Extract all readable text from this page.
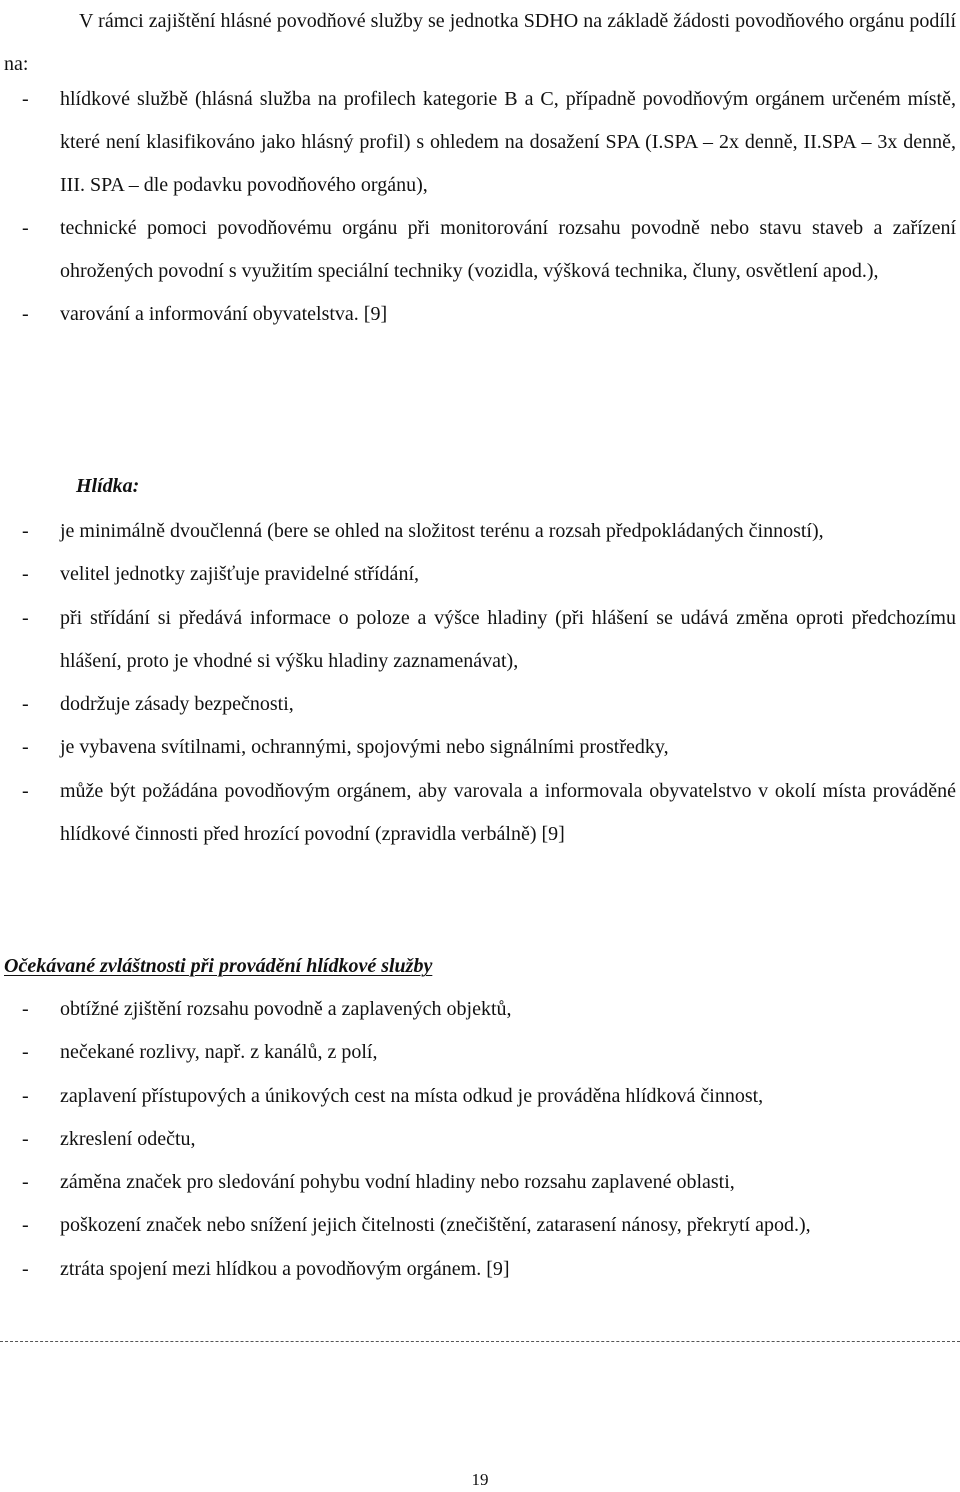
V rámci zajištění hlásné povodňové služby se jednotka SDHO na základě žádosti povodňového orgánu podílí na:

- hlídkové službě (hlásná služba na profilech kategorie B a C, případně povodňovým orgánem určeném místě, které není klasifikováno jako hlásný profil) s ohledem na dosažení SPA (I.SPA – 2x denně, II.SPA – 3x denně, III. SPA – dle podavku povodňového orgánu),
- technické pomoci povodňovému orgánu při monitorování rozsahu povodně nebo stavu staveb a zařízení ohrožených povodní s využitím speciální techniky (vozidla, výšková technika, čluny, osvětlení apod.),
- varování a informování obyvatelstva. [9]
Hlídka:
- je minimálně dvoučlenná (bere se ohled na složitost terénu a rozsah předpokládaných činností),
- velitel jednotky zajišťuje pravidelné střídání,
- při střídání si předává informace o poloze a výšce hladiny (při hlášení se udává změna oproti předchozímu hlášení, proto je vhodné si výšku hladiny zaznamenávat),
- dodržuje zásady bezpečnosti,
- je vybavena svítilnami, ochrannými, spojovými nebo signálními prostředky,
- může být požádána povodňovým orgánem, aby varovala a informovala obyvatelstvo v okolí místa prováděné hlídkové činnosti před hrozící povodní (zpravidla verbálně) [9]
Očekávané zvláštnosti při provádění hlídkové služby
- obtížné zjištění rozsahu povodně a zaplavených objektů,
- nečekané rozlivy, např. z kanálů, z polí,
- zaplavení přístupových a únikových cest na místa odkud je prováděna hlídková činnost,
- zkreslení odečtu,
- záměna značek pro sledování pohybu vodní hladiny nebo rozsahu zaplavené oblasti,
- poškození značek nebo snížení jejich čitelnosti (znečištění, zatarasení nánosy, překrytí apod.),
- ztráta spojení mezi hlídkou a povodňovým orgánem. [9]
19
